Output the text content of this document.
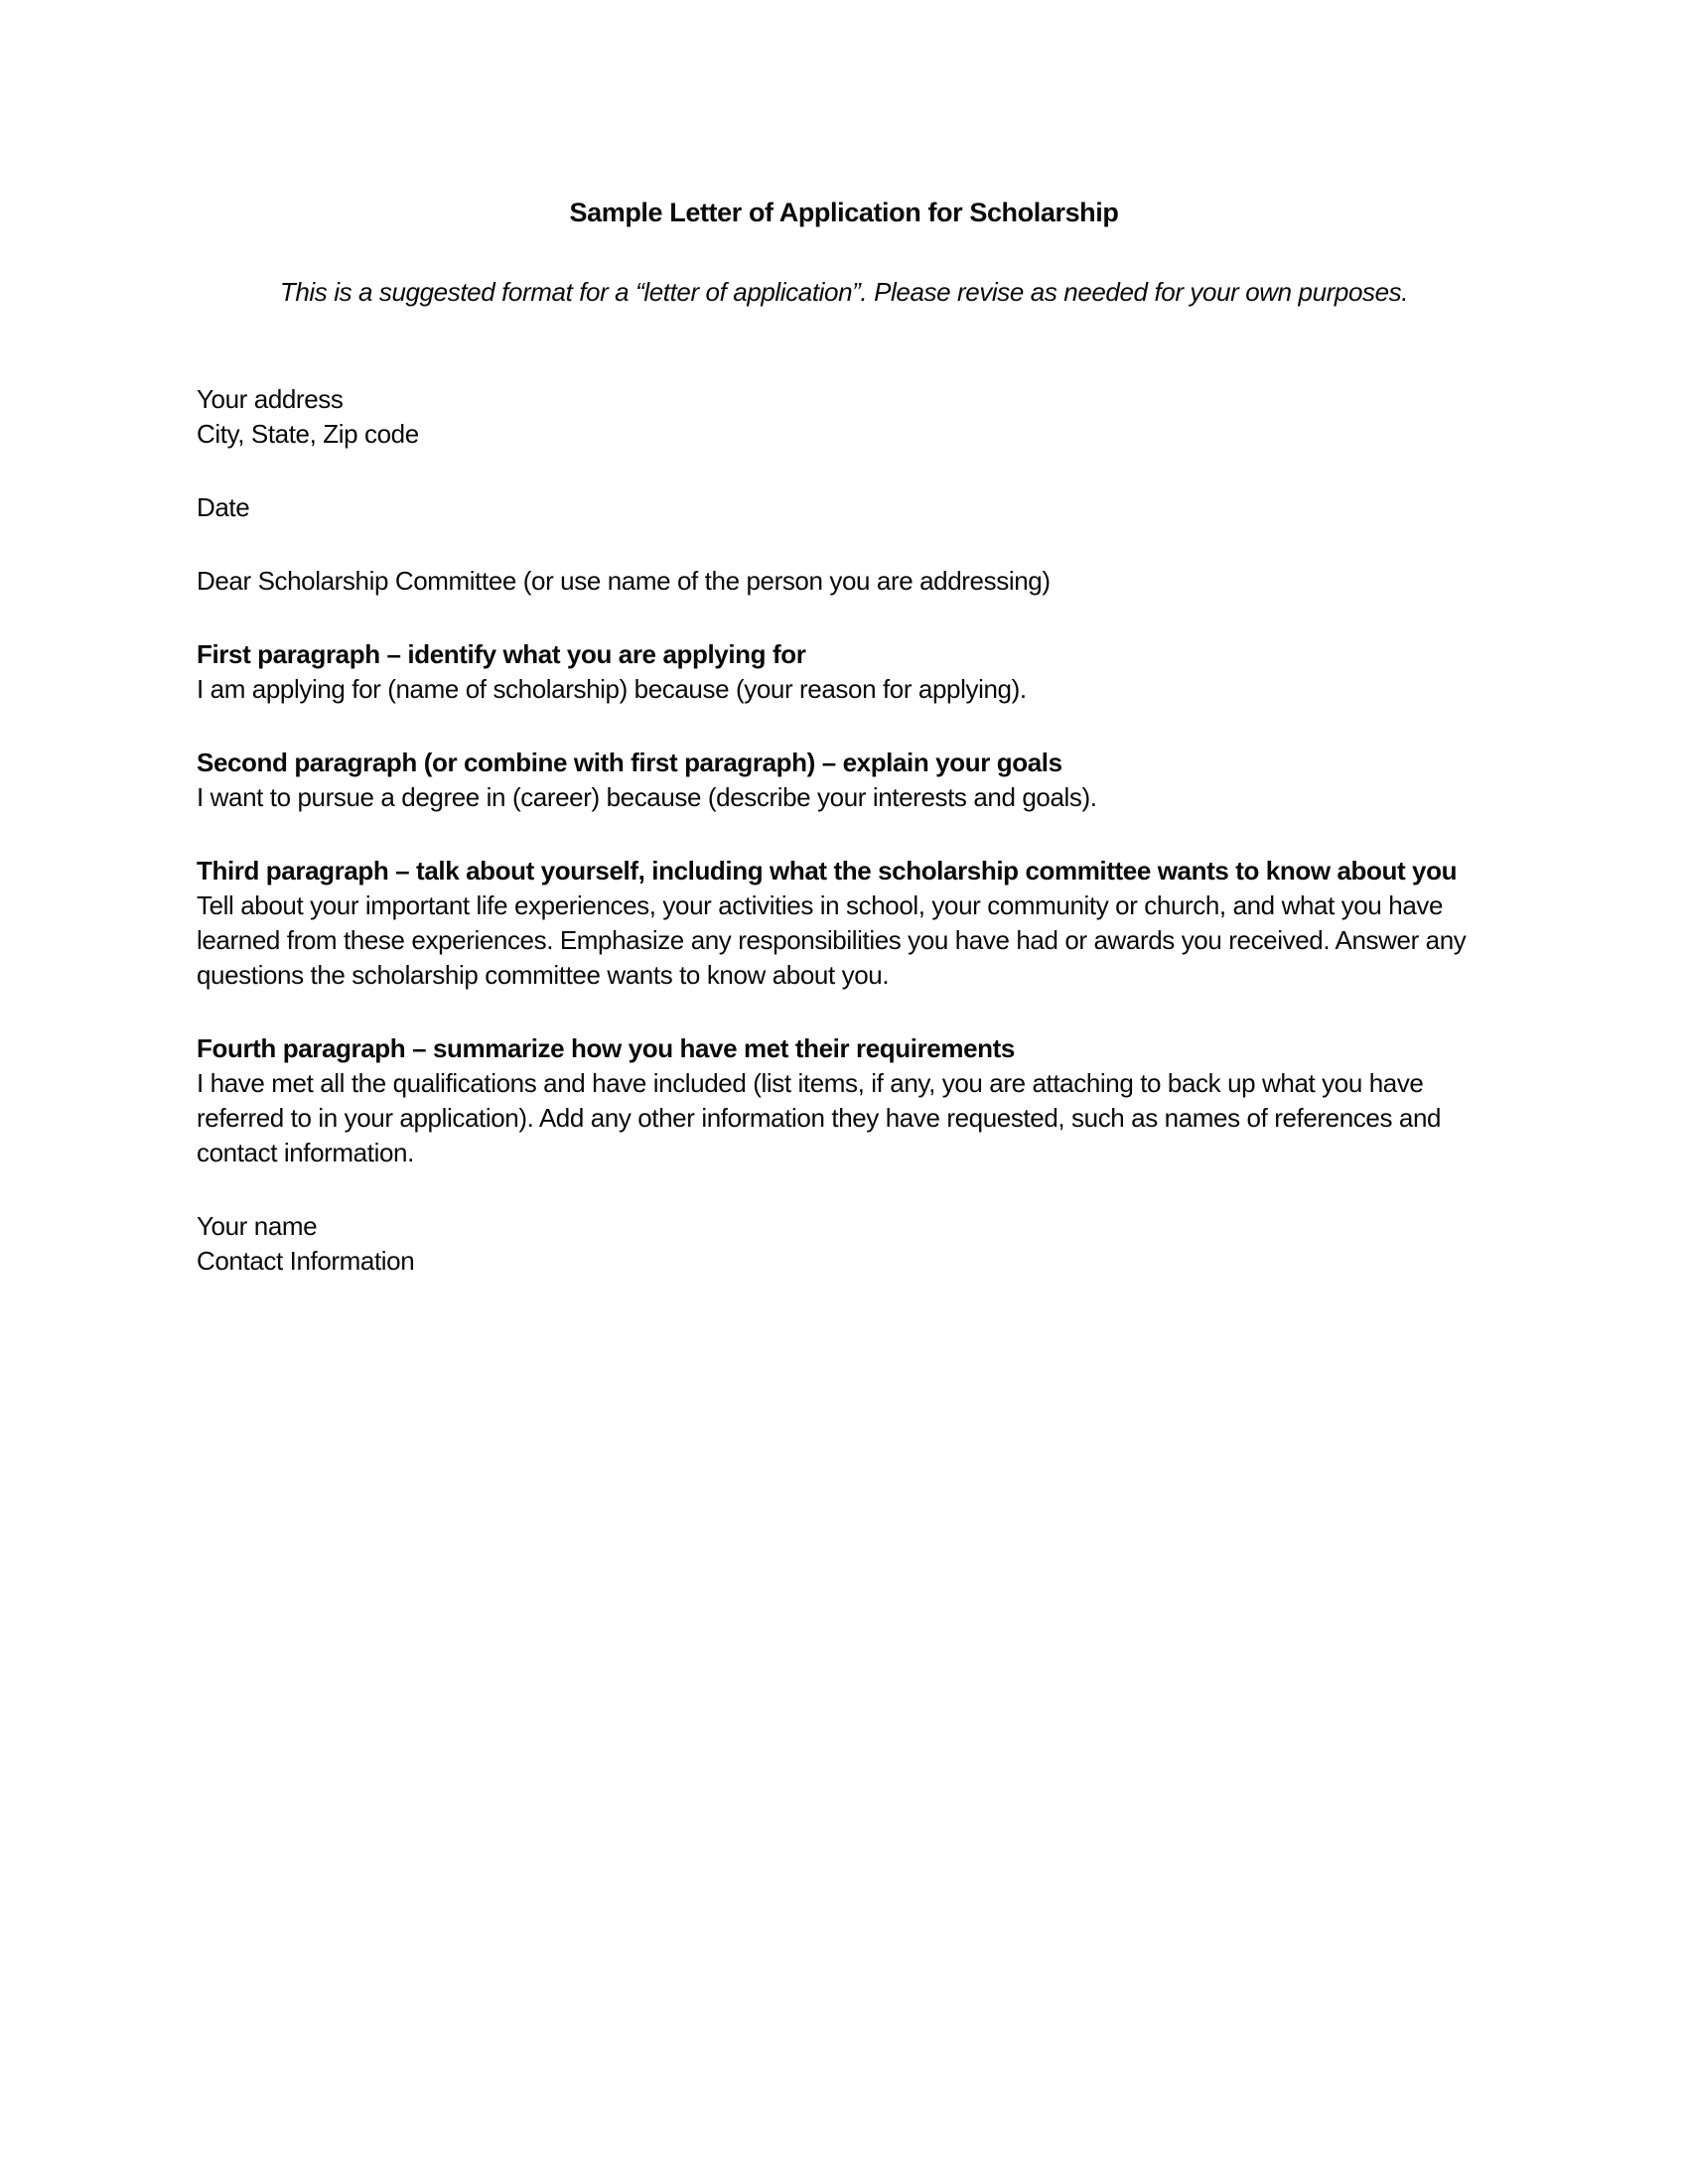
Sample Letter of Application for Scholarship

This is a suggested format for a “letter of application”. Please revise as needed for your own purposes.

Your address

City, State, Zip code

Date

Dear Scholarship Committee (or use name of the person you are addressing)

First paragraph – identify what you are applying for
I am applying for (name of scholarship) because (your reason for applying).

Second paragraph (or combine with first paragraph) – explain your goals
I want to pursue a degree in (career) because (describe your interests and goals).

Third paragraph – talk about yourself, including what the scholarship committee wants to know about you Tell about your important life experiences, your activities in school, your community or church, and what you have learned from these experiences. Emphasize any responsibilities you have had or awards you received. Answer any questions the scholarship committee wants to know about you.

Fourth paragraph – summarize how you have met their requirements
I have met all the qualifications and have included (list items, if any, you are attaching to back up what you have referred to in your application). Add any other information they have requested, such as names of references and contact information.

Your name

Contact Information
